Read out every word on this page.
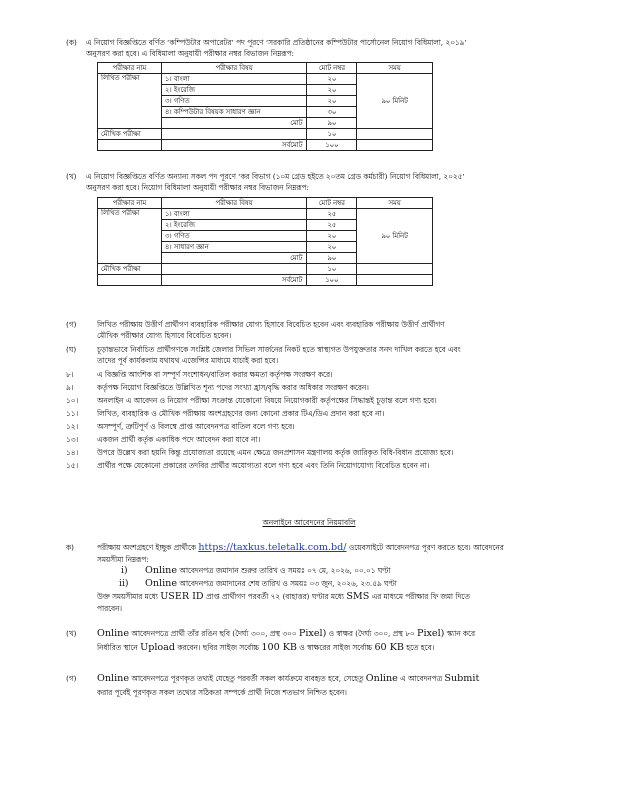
(ক) এ নিয়োগ বিজ্ঞপ্তিতে বর্ণিত ‘কম্পিউটার অপারেটর’ পদ পূরণে ‘সরকারি প্রতিষ্ঠানের কম্পিউটার পার্সোনেল নিয়োগ বিধিমালা, ২০১৯’
অনুসরণ করা হবে। এ বিধিমালা অনুযায়ী পরীক্ষার নম্বর বিভাজন নিম্নরূপ:
পরীক্ষার নাম	পরীক্ষার বিষয়	মোট নম্বর	সময়
লিখিত পরীক্ষা	১। বাংলা	২০	৯০ মিনিট
	২। ইংরেজি	২০	
	৩। গণিত	২০	
	৪। কম্পিউটার বিষয়ক সাধারণ জ্ঞান	৩০	
	মোট	৯০	
মৌখিক পরীক্ষা		১০	
	সর্বমোট	১০০	
(খ) এ নিয়োগ বিজ্ঞপ্তিতে বর্ণিত অন্যান্য সকল পদ পূরণে ‘কর বিভাগ (১০ম গ্রেড হইতে ২০তম গ্রেড কর্মচারী) নিয়োগ বিধিমালা, ২০২৫’
অনুসরণ করা হবে। নিয়োগ বিধিমালা অনুযায়ী পরীক্ষার নম্বর বিভাজন নিম্নরূপ:
পরীক্ষার নাম	পরীক্ষার বিষয়	মোট নম্বর	সময়
লিখিত পরীক্ষা	১। বাংলা	২৫	৯০ মিনিট
	২। ইংরেজি	২৫	
	৩। গণিত	২০	
	৪। সাধারণ জ্ঞান	২০	
	মোট	৯০	
মৌখিক পরীক্ষা		১০	
	সর্বমোট	১০০	
(গ)	লিখিত পরীক্ষায় উত্তীর্ণ প্রার্থীগণ ব্যবহারিক পরীক্ষার যোগ্য হিসাবে বিবেচিত হবেন এবং ব্যবহারিক পরীক্ষায় উত্তীর্ণ প্রার্থীগণ
মৌখিক পরীক্ষার যোগ্য হিসাবে বিবেচিত হবেন।
(ঘ)	চূড়ান্তভাবে নির্বাচিত প্রার্থীগণকে সংশ্লিষ্ট জেলার সিভিল সার্জনের নিকট হতে স্বাস্থ্যগত উপযুক্ততার সনদ দাখিল করতে হবে এবং
তাদের পূর্ব কার্যকলাম যথাযথ এজেন্সির মাধ্যমে যাচাই করা হবে।
৮।	এ বিজ্ঞপ্তি আংশিক বা সম্পূর্ণ সংশোধন/বাতিল করার ক্ষমতা কর্তৃপক্ষ সংরক্ষণ করে।
৯।	কর্তৃপক্ষ নিয়োগ বিজ্ঞপ্তিতে উল্লিখিত শূন্য পদের সংখ্যা হ্রাস/বৃদ্ধি করার অধিকার সংরক্ষণ করেন।
১০।	অনলাইন এ আবেদন ও নিয়োগ পরীক্ষা সংক্রান্ত যেকোনো বিষয়ে নিয়োগকারী কর্তৃপক্ষের সিদ্ধান্তই চূড়ান্ত বলে গণ্য হবে।
১১।	লিখিত, ব্যবহারিক ও মৌখিক পরীক্ষায় অংশগ্রহণের জন্য কোনো প্রকার টিএ/ডিএ প্রদান করা হবে না।
১২।	অসম্পূর্ণ, ত্রুটিপূর্ণ ও বিলম্বে প্রাপ্ত আবেদনপত্র বাতিল বলে গণ্য হবে।
১৩।	একজন প্রার্থী কর্তৃক একাধিক পদে আবেদন করা যাবে না।
১৪।	উপরে উল্লেখ করা হয়নি কিন্তু প্রযোজ্যতা রয়েছে এমন ক্ষেত্রে জনপ্রশাসন মন্ত্রণালয় কর্তৃক জারিকৃত বিধি-বিধান প্রযোজ্য হবে।
১৫।	প্রার্থীর পক্ষে যেকোনো প্রকারের তদবির প্রার্থীর অযোগ্যতা বলে গণ্য হবে এবং তিনি নিয়োগযোগ্য বিবেচিত হবেন না।
অনলাইনে আবেদনের নিয়মাবলি
ক)	পরীক্ষায় অংশগ্রহণে ইচ্ছুক প্রার্থীকে https://taxkus.teletalk.com.bd/ ওয়েবসাইটে আবেদনপত্র পূরণ করতে হবে। আবেদনের
সময়সীমা নিম্নরূপ:
i) Online আবেদনপত্র জমাদান শুরুর তারিখ ও সময়ঃ ০৭ মে, ২০২৬, ০০.০১ ঘণ্টা
ii) Online আবেদনপত্র জমাদানের শেষ তারিখ ও সময়ঃ ০৩ জুন, ২০২৬, ২৩.৫৯ ঘণ্টা
উক্ত সময়সীমার মধ্যে USER ID প্রাপ্ত প্রার্থীগণ পরবর্তী ৭২ (বাহাত্তর) ঘণ্টার মধ্যে SMS এর মাধ্যমে পরীক্ষার ফি জমা দিতে
পারবেন।
(খ) Online আবেদনপত্রে প্রার্থী তাঁর রঙিন ছবি (দৈর্ঘ্য ৩০০, প্রস্থ ৩০০ Pixel) ও স্বাক্ষর (দৈর্ঘ্য ৩০০, প্রস্থ ৮০ Pixel) স্ক্যান করে
নির্ধারিত স্থানে Upload করবেন। ছবির সাইজ সর্বোচ্চ 100 KB ও স্বাক্ষরের সাইজ সর্বোচ্চ 60 KB হতে হবে।
(গ) Online আবেদনপত্রে পূরণকৃত তথ্যই যেহেতু পরবর্তী সকল কার্যক্রমে ব্যবহৃত হবে, সেহেতু Online এ আবেদনপত্র Submit
করার পূর্বেই পূরণকৃত সকল তথ্যের সঠিকতা সম্পর্কে প্রার্থী নিজে শতভাগ নিশ্চিত হবেন।
